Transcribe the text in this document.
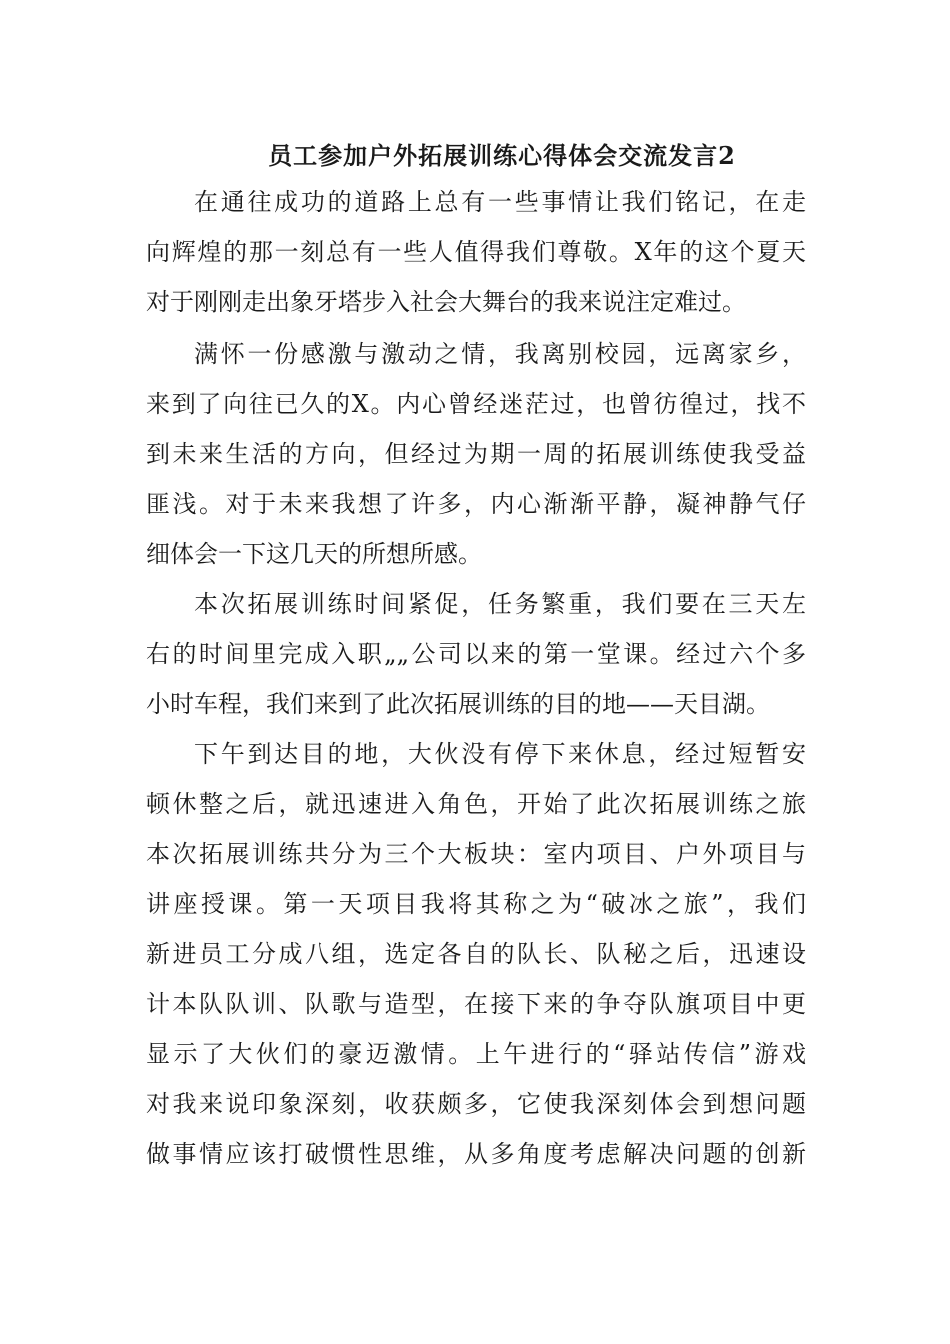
员工参加户外拓展训练心得体会交流发言2
在通往成功的道路上总有一些事情让我们铭记，在走
向辉煌的那一刻总有一些人值得我们尊敬。X年的这个夏天
对于刚刚走出象牙塔步入社会大舞台的我来说注定难过。
满怀一份感激与激动之情，我离别校园，远离家乡，
来到了向往已久的X。内心曾经迷茫过，也曾彷徨过，找不
到未来生活的方向，但经过为期一周的拓展训练使我受益
匪浅。对于未来我想了许多，内心渐渐平静，凝神静气仔
细体会一下这几天的所想所感。
本次拓展训练时间紧促，任务繁重，我们要在三天左
右的时间里完成入职„„公司以来的第一堂课。经过六个多
小时车程，我们来到了此次拓展训练的目的地——天目湖。
下午到达目的地，大伙没有停下来休息，经过短暂安
顿休整之后，就迅速进入角色，开始了此次拓展训练之旅
本次拓展训练共分为三个大板块：室内项目、户外项目与
讲座授课。第一天项目我将其称之为“破冰之旅”，我们
新进员工分成八组，选定各自的队长、队秘之后，迅速设
计本队队训、队歌与造型，在接下来的争夺队旗项目中更
显示了大伙们的豪迈激情。上午进行的“驿站传信”游戏
对我来说印象深刻，收获颇多，它使我深刻体会到想问题
做事情应该打破惯性思维，从多角度考虑解决问题的创新
